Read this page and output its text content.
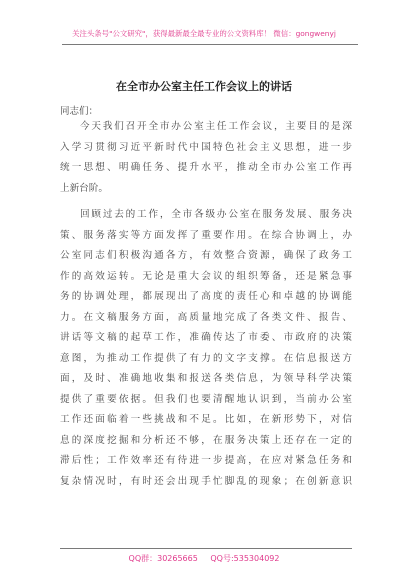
关注头条号"公文研究"，获得最新最全最专业的公文资料库！ 微信：gongwenyj
在全市办公室主任工作会议上的讲话
同志们：
今天我们召开全市办公室主任工作会议，主要目的是深
入学习贯彻习近平新时代中国特色社会主义思想，进一步
统一思想、明确任务、提升水平，推动全市办公室工作再
上新台阶。
回顾过去的工作，全市各级办公室在服务发展、服务决
策、服务落实等方面发挥了重要作用。在综合协调上，办
公室同志们积极沟通各方，有效整合资源，确保了政务工
作的高效运转。无论是重大会议的组织筹备，还是紧急事
务的协调处理，都展现出了高度的责任心和卓越的协调能
力。在文稿服务方面，高质量地完成了各类文件、报告、
讲话等文稿的起草工作，准确传达了市委、市政府的决策
意图，为推动工作提供了有力的文字支撑。在信息报送方
面，及时、准确地收集和报送各类信息，为领导科学决策
提供了重要依据。但我们也要清醒地认识到，当前办公室
工作还面临着一些挑战和不足。比如，在新形势下，对信
息的深度挖掘和分析还不够，在服务决策上还存在一定的
滞后性；工作效率还有待进一步提高，在应对紧急任务和
复杂情况时，有时还会出现手忙脚乱的现象；在创新意识
QQ群：30265665 QQ号:535304092
